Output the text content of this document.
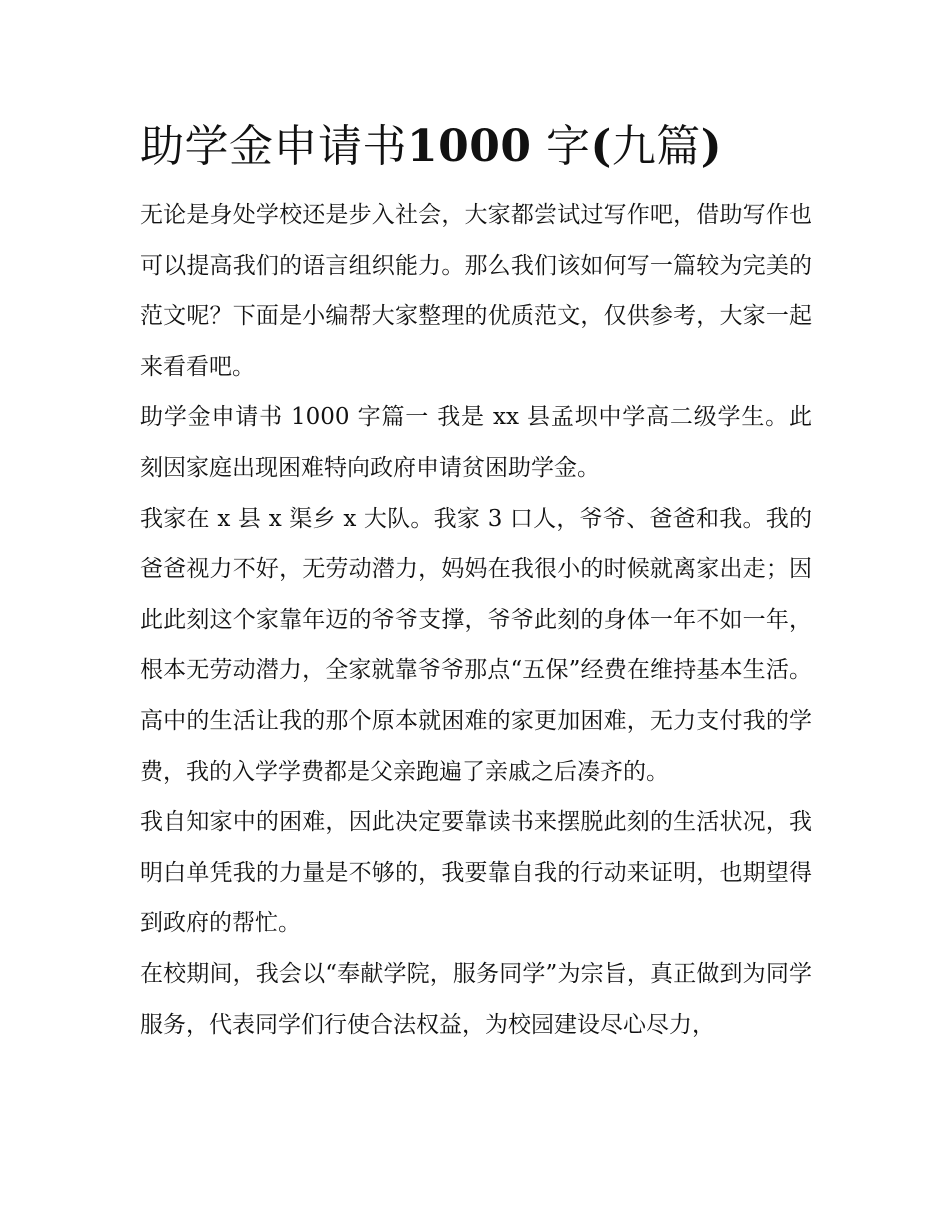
助学金申请书1000 字(九篇)

无论是身处学校还是步入社会，大家都尝试过写作吧，借助写作也可以提高我们的语言组织能力。那么我们该如何写一篇较为完美的范文呢？下面是小编帮大家整理的优质范文，仅供参考，大家一起来看看吧。

助学金申请书 1000 字篇一 我是 xx 县孟坝中学高二级学生。此刻因家庭出现困难特向政府申请贫困助学金。

我家在 x 县 x 渠乡 x 大队。我家 3 口人，爷爷、爸爸和我。我的爸爸视力不好，无劳动潜力，妈妈在我很小的时候就离家出走；因此此刻这个家靠年迈的爷爷支撑，爷爷此刻的身体一年不如一年，根本无劳动潜力，全家就靠爷爷那点“五保”经费在维持基本生活。高中的生活让我的那个原本就困难的家更加困难，无力支付我的学费，我的入学学费都是父亲跑遍了亲戚之后凑齐的。

我自知家中的困难，因此决定要靠读书来摆脱此刻的生活状况，我明白单凭我的力量是不够的，我要靠自我的行动来证明，也期望得到政府的帮忙。

在校期间，我会以“奉献学院，服务同学”为宗旨，真正做到为同学服务，代表同学们行使合法权益，为校园建设尽心尽力，
